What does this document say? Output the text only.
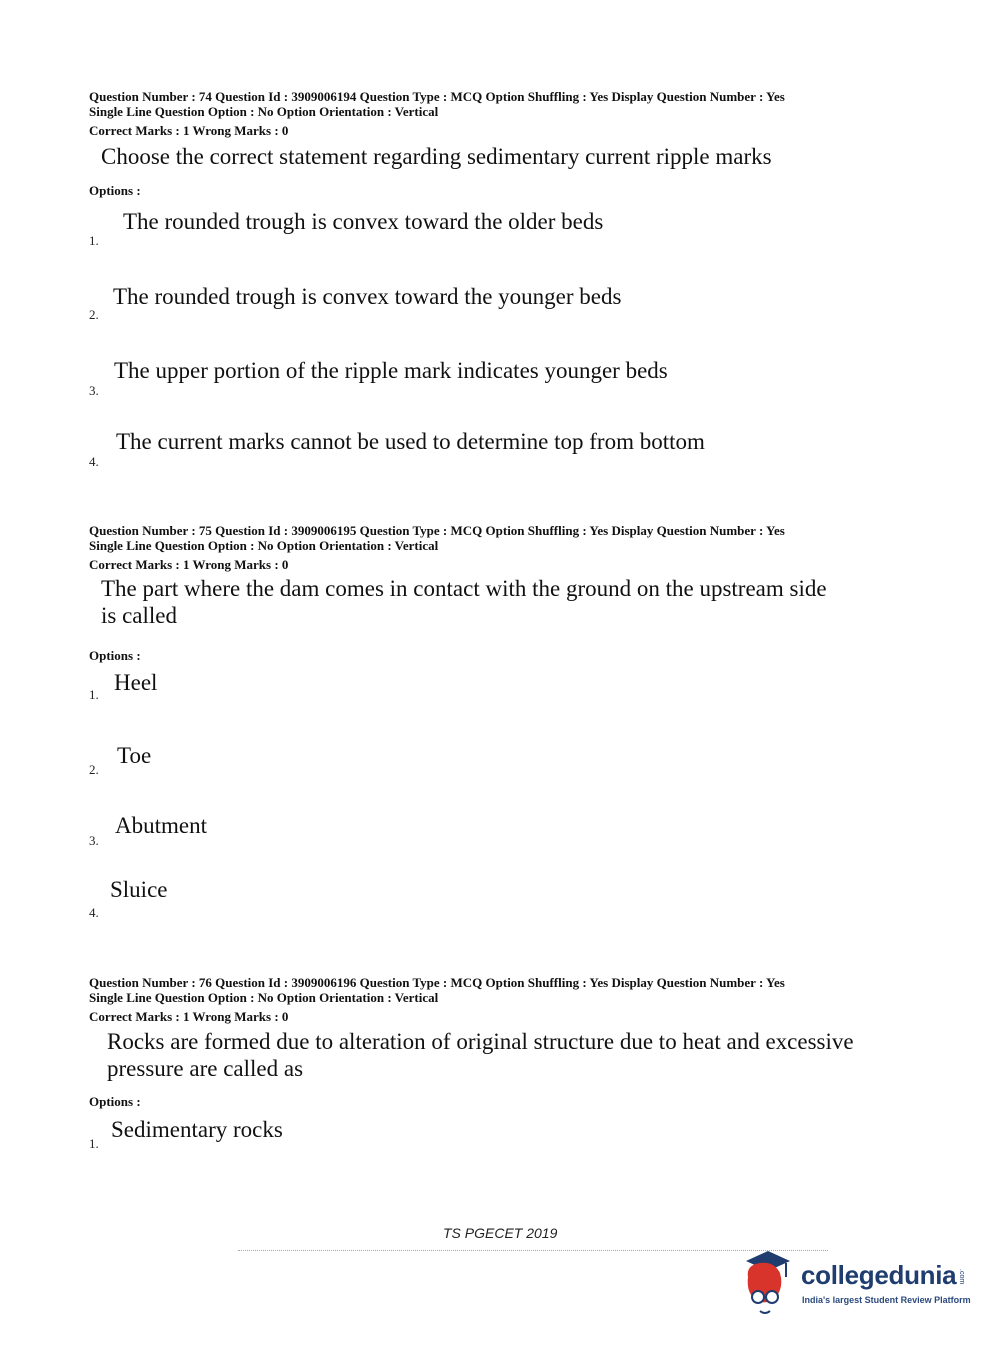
Question Number : 74 Question Id : 3909006194 Question Type : MCQ Option Shuffling : Yes Display Question Number : Yes
Single Line Question Option : No Option Orientation : Vertical
Correct Marks : 1 Wrong Marks : 0
Choose the correct statement regarding sedimentary current ripple marks
Options :
The rounded trough is convex toward the older beds
1.
The rounded trough is convex toward the younger beds
2.
The upper portion of the ripple mark indicates younger beds
3.
The current marks cannot be used to determine top from bottom
4.
Question Number : 75 Question Id : 3909006195 Question Type : MCQ Option Shuffling : Yes Display Question Number : Yes
Single Line Question Option : No Option Orientation : Vertical
Correct Marks : 1 Wrong Marks : 0
The part where the dam comes in contact with the ground on the upstream side
is called
Options :
Heel
1.
Toe
2.
Abutment
3.
Sluice
4.
Question Number : 76 Question Id : 3909006196 Question Type : MCQ Option Shuffling : Yes Display Question Number : Yes
Single Line Question Option : No Option Orientation : Vertical
Correct Marks : 1 Wrong Marks : 0
Rocks are formed due to alteration of original structure due to heat and excessive
pressure are called as
Options :
Sedimentary rocks
1.
TS PGECET 2019
collegedunia .com
India's largest Student Review Platform
